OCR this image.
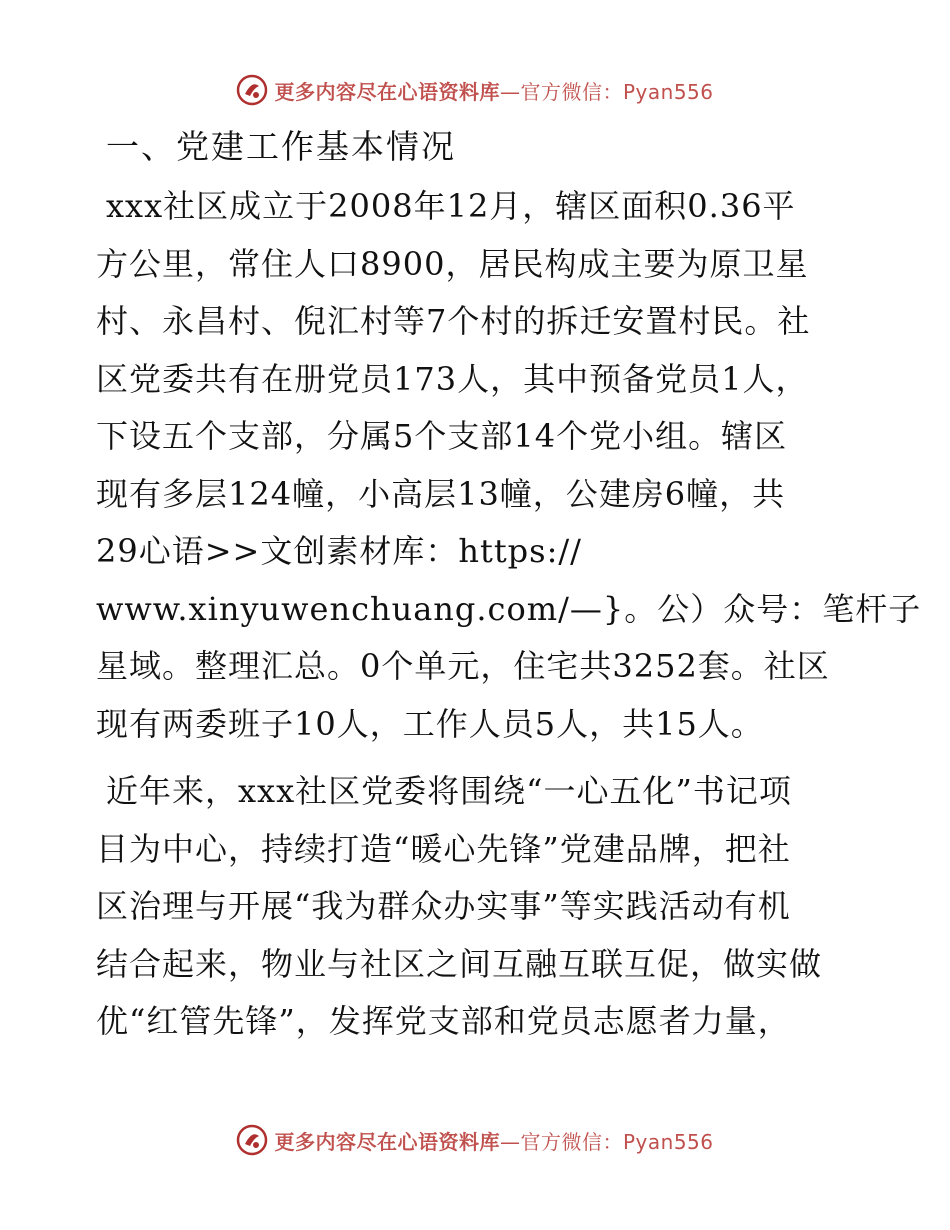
更多内容尽在心语资料库—官方微信：Pyan556
一、党建工作基本情况
xxx社区成立于2008年12月，辖区面积0.36平
方公里，常住人口8900，居民构成主要为原卫星
村、永昌村、倪汇村等7个村的拆迁安置村民。社
区党委共有在册党员173人，其中预备党员1人，
下设五个支部，分属5个支部14个党小组。辖区
现有多层124幢，小高层13幢，公建房6幢，共
29心语>>文创素材库：https://
www.xinyuwenchuang.com/—}。公）众号：笔杆子
星域。整理汇总。0个单元，住宅共3252套。社区
现有两委班子10人，工作人员5人，共15人。
近年来，xxx社区党委将围绕“一心五化”书记项
目为中心，持续打造“暖心先锋”党建品牌，把社
区治理与开展“我为群众办实事”等实践活动有机
结合起来，物业与社区之间互融互联互促，做实做
优“红管先锋”，发挥党支部和党员志愿者力量，
更多内容尽在心语资料库—官方微信：Pyan556
